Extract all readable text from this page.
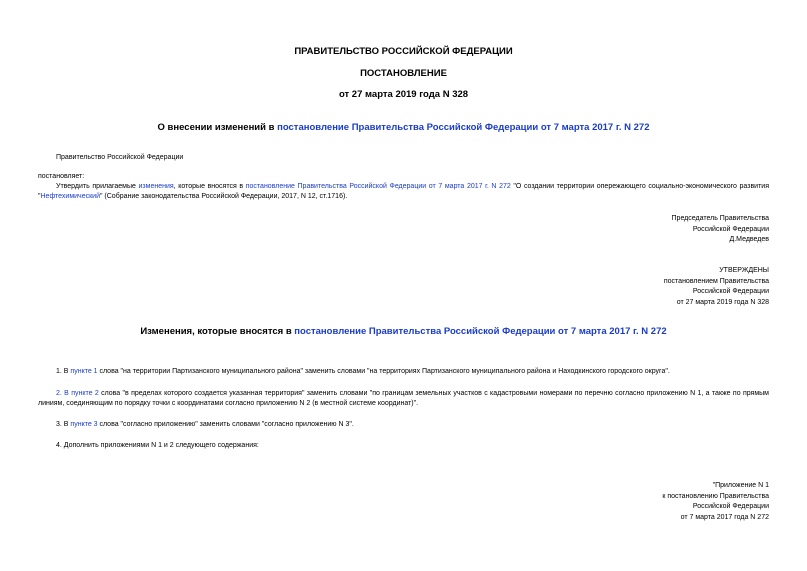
ПРАВИТЕЛЬСТВО РОССИЙСКОЙ ФЕДЕРАЦИИ
ПОСТАНОВЛЕНИЕ
от 27 марта 2019 года N 328
О внесении изменений в постановление Правительства Российской Федерации от 7 марта 2017 г. N 272
Правительство Российской Федерации
постановляет:
Утвердить прилагаемые изменения, которые вносятся в постановление Правительства Российской Федерации от 7 марта 2017 г. N 272 "О создании территории опережающего социально-экономического развития "Нефтехимический" (Собрание законодательства Российской Федерации, 2017, N 12, ст.1716).
Председатель Правительства
Российской Федерации
Д.Медведев
УТВЕРЖДЕНЫ
постановлением Правительства
Российской Федерации
от 27 марта 2019 года N 328
Изменения, которые вносятся в постановление Правительства Российской Федерации от 7 марта 2017 г. N 272
1. В пункте 1 слова "на территории Партизанского муниципального района" заменить словами "на территориях Партизанского муниципального района и Находкинского городского округа".
2. В пункте 2 слова "в пределах которого создается указанная территория" заменить словами "по границам земельных участков с кадастровыми номерами по перечню согласно приложению N 1, а также по прямым линиям, соединяющим по порядку точки с координатами согласно приложению N 2 (в местной системе координат)".
3. В пункте 3 слова "согласно приложению" заменить словами "согласно приложению N 3".
4. Дополнить приложениями N 1 и 2 следующего содержания:
"Приложение N 1
к постановлению Правительства
Российской Федерации
от 7 марта 2017 года N 272
